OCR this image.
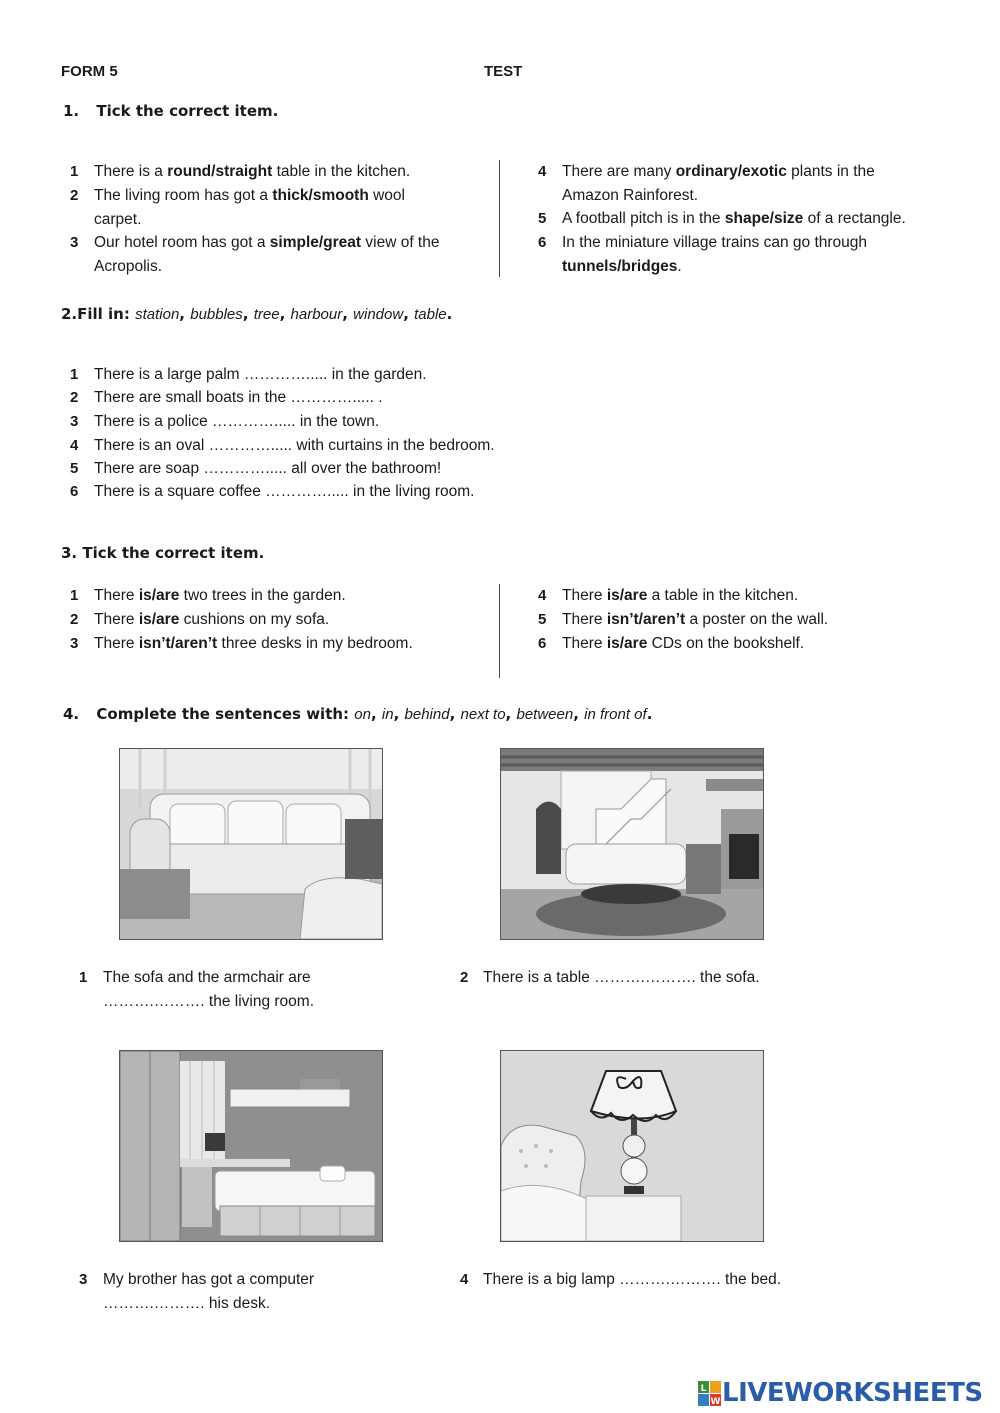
FORM 5	TEST
1. Tick the correct item.
1 There is a round/straight table in the kitchen.
2 The living room has got a thick/smooth wool carpet.
3 Our hotel room has got a simple/great view of the Acropolis.
4 There are many ordinary/exotic plants in the Amazon Rainforest.
5 A football pitch is in the shape/size of a rectangle.
6 In the miniature village trains can go through tunnels/bridges.
2.Fill in: station, bubbles, tree, harbour, window, table.
1 There is a large palm …………..... in the garden.
2 There are small boats in the …………..... .
3 There is a police …………..... in the town.
4 There is an oval …………..... with curtains in the bedroom.
5 There are soap …………..... all over the bathroom!
6 There is a square coffee …………..... in the living room.
3. Tick the correct item.
1 There is/are two trees in the garden.
2 There is/are cushions on my sofa.
3 There isn’t/aren’t three desks in my bedroom.
4 There is/are a table in the kitchen.
5 There isn’t/aren’t a poster on the wall.
6 There is/are CDs on the bookshelf.
4. Complete the sentences with: on, in, behind, next to, between, in front of.
1 The sofa and the armchair are
……….………. the living room.
2 There is a table ……….………. the sofa.
3 My brother has got a computer
……….………. his desk.
4 There is a big lamp ……….………. the bed.
L
W LIVEWORKSHEETS
